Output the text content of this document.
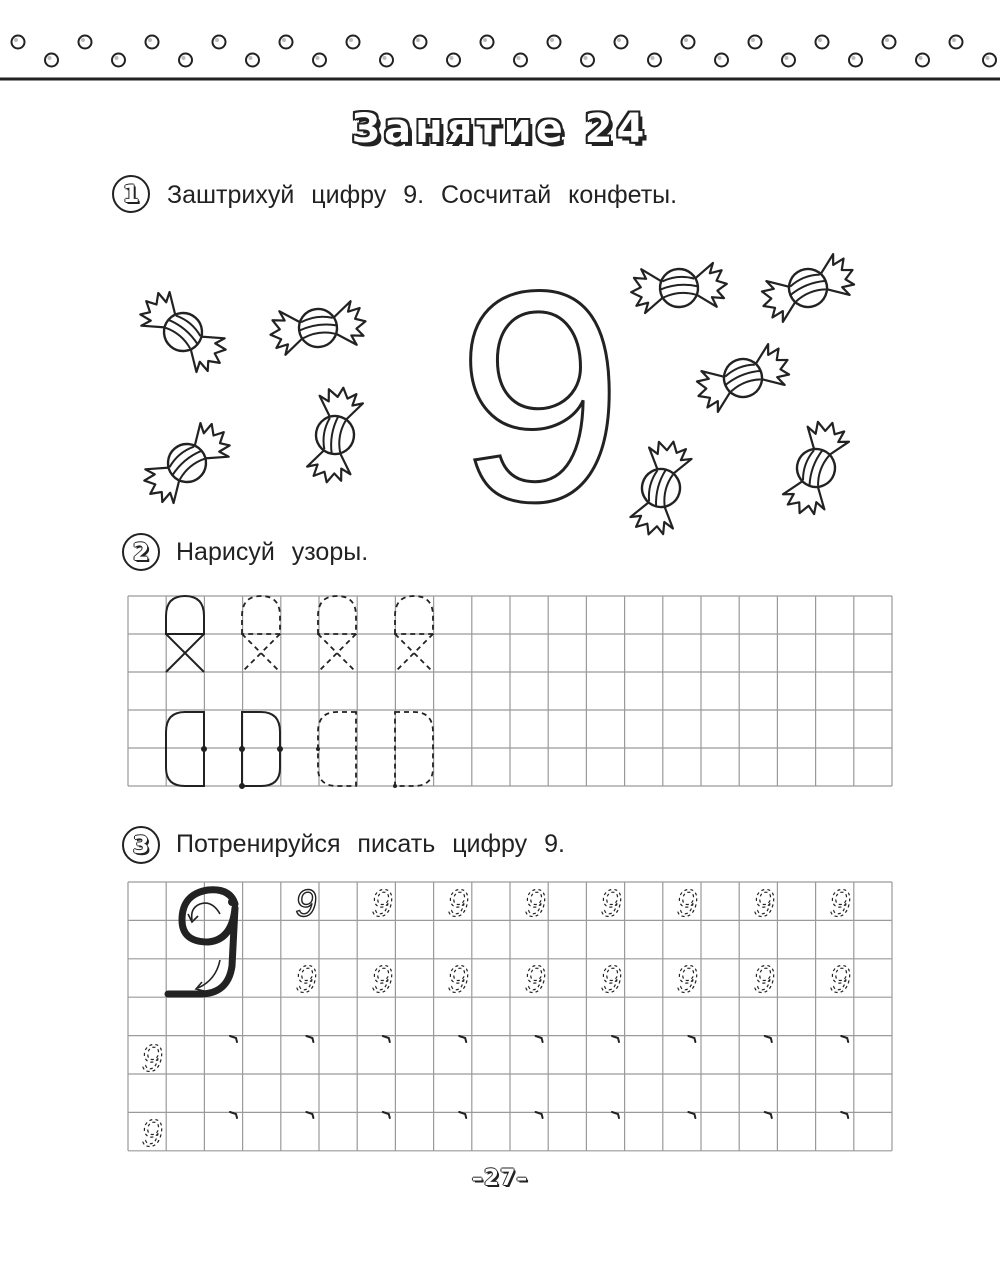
Занятие 24
1	Заштрихуй цифру 9. Сосчитай конфеты.
9
2	Нарисуй узоры.
3	Потренируйся писать цифру 9.
9 9 9 9 9 9 9 9
9 9 9 9 9 9 9 9
9
9
–27–
